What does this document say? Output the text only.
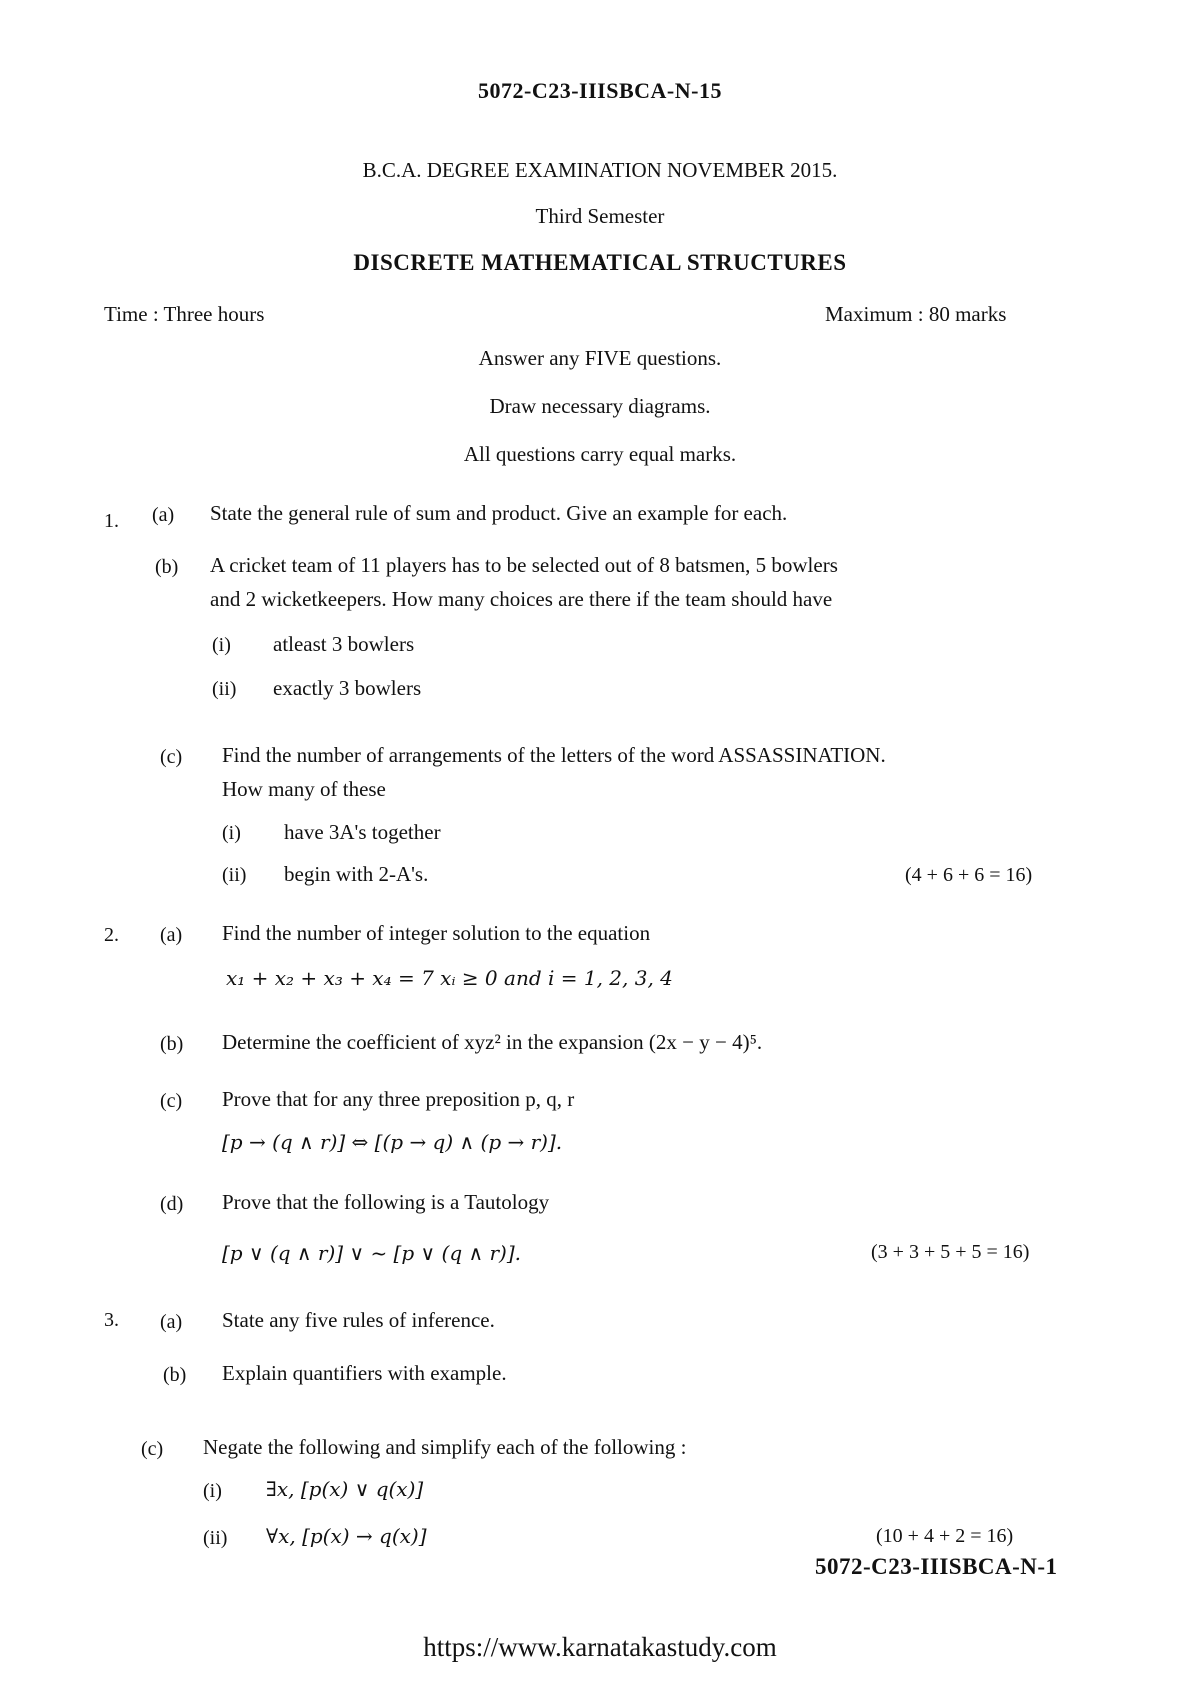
5072-C23-IIISBCA-N-15
B.C.A. DEGREE EXAMINATION NOVEMBER 2015.
Third Semester
DISCRETE MATHEMATICAL STRUCTURES
Time : Three hours	Maximum : 80 marks
Answer any FIVE questions.
Draw necessary diagrams.
All questions carry equal marks.
1. (a) State the general rule of sum and product. Give an example for each.
(b) A cricket team of 11 players has to be selected out of 8 batsmen, 5 bowlers
and 2 wicketkeepers. How many choices are there if the team should have
(i) atleast 3 bowlers
(ii) exactly 3 bowlers
(c) Find the number of arrangements of the letters of the word ASSASSINATION.
How many of these
(i) have 3A's together
(ii) begin with 2-A's.	(4 + 6 + 6 = 16)
2. (a) Find the number of integer solution to the equation
x₁ + x₂ + x₃ + x₄ = 7 xᵢ ≥ 0 and i = 1, 2, 3, 4
(b) Determine the coefficient of xyz² in the expansion (2x − y − 4)⁵.
(c) Prove that for any three preposition p, q, r
[p → (q ∧ r)] ⇔ [(p → q) ∧ (p → r)].
(d) Prove that the following is a Tautology
[p ∨ (q ∧ r)] ∨ ~ [p ∨ (q ∧ r)].	(3 + 3 + 5 + 5 = 16)
3. (a) State any five rules of inference.
(b) Explain quantifiers with example.
(c) Negate the following and simplify each of the following :
(i) ∃x, [p(x) ∨ q(x)]
(ii) ∀x, [p(x) → q(x)]	(10 + 4 + 2 = 16)
5072-C23-IIISBCA-N-1
https://www.karnatakastudy.com
